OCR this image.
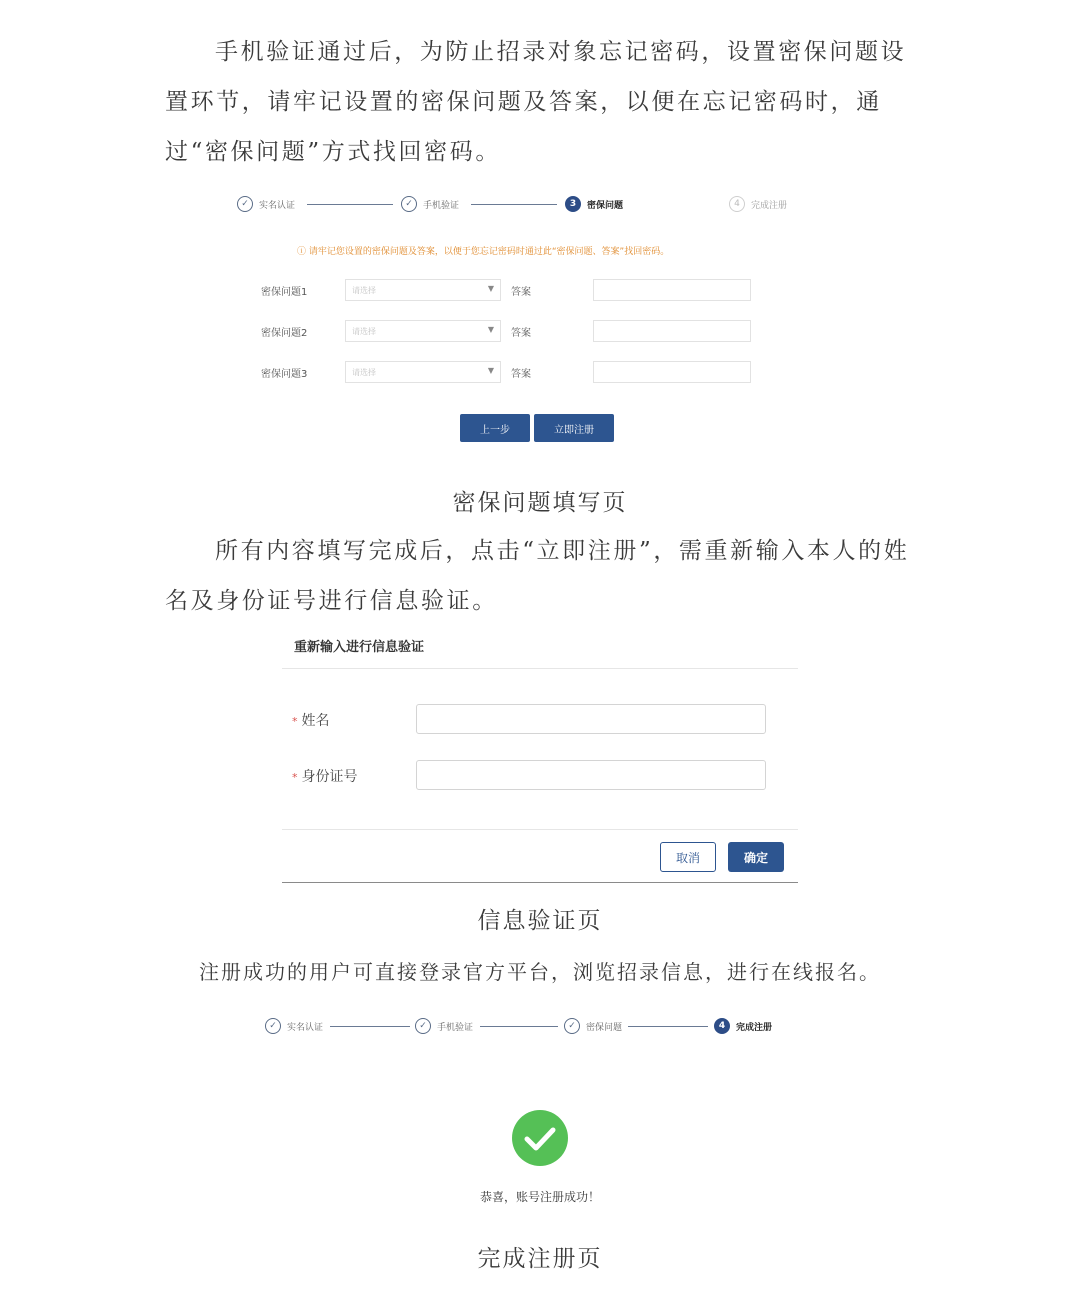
手机验证通过后，为防止招录对象忘记密码，设置密保问题设置环节，请牢记设置的密保问题及答案，以便在忘记密码时，通过“密保问题”方式找回密码。

✓	实名认证	✓	手机验证	3	密保问题	4	完成注册
ⓘ 请牢记您设置的密保问题及答案，以便于您忘记密码时通过此“密保问题、答案”找回密码。
密保问题1	请选择	▼ 答案
密保问题2	请选择	▼ 答案
密保问题3	请选择	▼ 答案
上一步	立即注册

密保问题填写页

所有内容填写完成后，点击“立即注册”，需重新输入本人的姓名及身份证号进行信息验证。

重新输入进行信息验证
* 姓名
* 身份证号
取消	确定

信息验证页

注册成功的用户可直接登录官方平台，浏览招录信息，进行在线报名。

✓	实名认证	✓	手机验证	✓	密保问题	4	完成注册
恭喜，账号注册成功！

完成注册页
